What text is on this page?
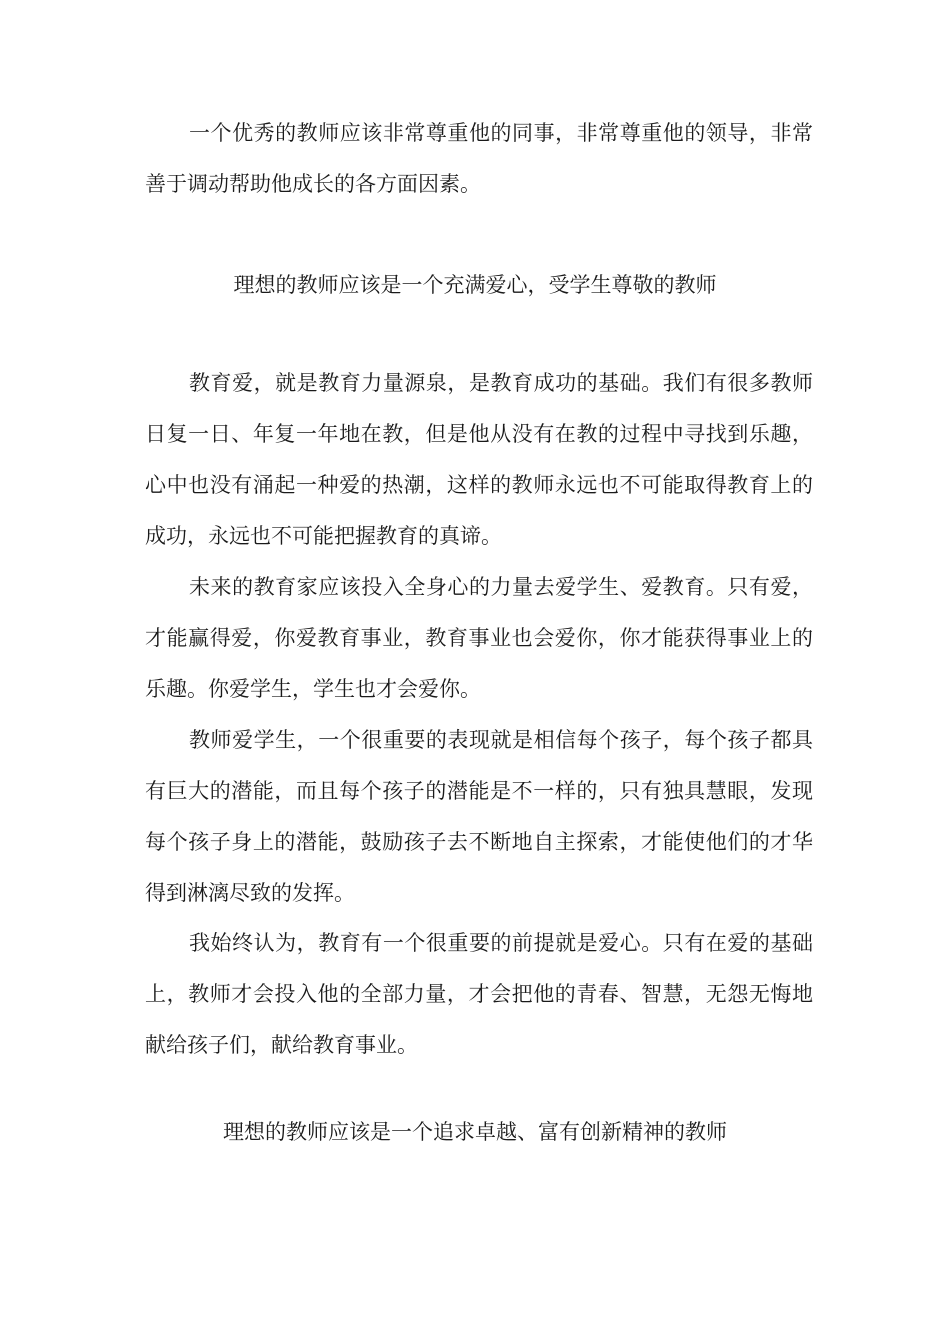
一个优秀的教师应该非常尊重他的同事，非常尊重他的领导，非常善于调动帮助他成长的各方面因素。

理想的教师应该是一个充满爱心，受学生尊敬的教师

教育爱，就是教育力量源泉，是教育成功的基础。我们有很多教师日复一日、年复一年地在教，但是他从没有在教的过程中寻找到乐趣，心中也没有涌起一种爱的热潮，这样的教师永远也不可能取得教育上的成功，永远也不可能把握教育的真谛。

未来的教育家应该投入全身心的力量去爱学生、爱教育。只有爱，才能赢得爱，你爱教育事业，教育事业也会爱你，你才能获得事业上的乐趣。你爱学生，学生也才会爱你。

教师爱学生，一个很重要的表现就是相信每个孩子，每个孩子都具有巨大的潜能，而且每个孩子的潜能是不一样的，只有独具慧眼，发现每个孩子身上的潜能，鼓励孩子去不断地自主探索，才能使他们的才华得到淋漓尽致的发挥。

我始终认为，教育有一个很重要的前提就是爱心。只有在爱的基础上，教师才会投入他的全部力量，才会把他的青春、智慧，无怨无悔地献给孩子们，献给教育事业。

理想的教师应该是一个追求卓越、富有创新精神的教师
